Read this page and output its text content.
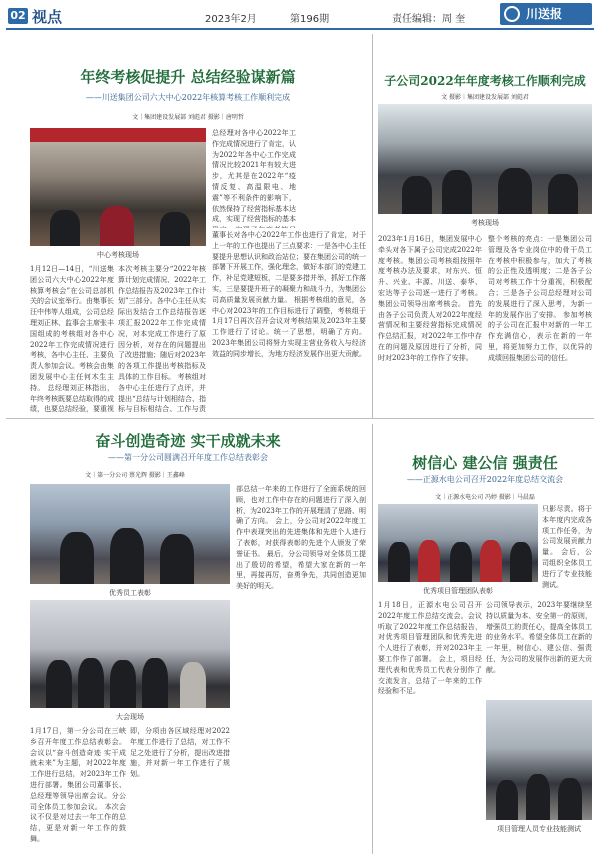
02 视点	2023年2月	第196期	责任编辑：周 奎	川送报
年终考核促提升 总结经验谋新篇
——川送集团公司六大中心2022年核算考核工作顺利完成
文｜集团建设发展部 刘彪君 摄影｜唐明哲
中心考核现场
1月12日—14日，“川送集团公司六大中心2022年度核算考核会”在公司总部机关的会议室举行。由集事长汪中伟等人组成，公司总经理刘正林、监事会主席张丰国组成的考核组对各中心2022年工作完成情况进行考核，各中心主任、主要负责人参加会议。考核会由集团发展中心主任何木生主持。 总经理刘正林指出，年终考核既要总结取得的成绩，也要总结经验，要重视
本次考核主要分“2022年核算计划完成情况、2022年工作总结报告及2023年工作计划”三部分。各中心主任从实际出发结合工作总结报告逐项汇报2022年工作完成情况，对本完成工作进行了原因分析，对存在的问题提出了改进措施；随后对2023年的各项工作提出考核指标及具体的工作目标。 考核组对各中心主任进行了点评，并提出“总结与计划相结合、指标与目标相结合、工作与责
总经理对各中心2022年工作完成情况进行了肯定，认为2022年各中心工作完成情况比较2021年有较大进步，尤其是在2022年“疫情反复、高温限电、地震”等不利条件的影响下，依然保持了经营指标基本达成，实现了经营指标的基本
董事长对各中心2022年工作也进行了肯定，对于上一年的工作也提出了三点要求：一是各中心主任要提升思想认识和政治站位；要在集团公司的统一部署下开展工作，强化理念，做好本部门的党建工作，补足党建短板，二是要多措并举，抓好工作落实，三是要提升班子的凝聚力和战斗力，为集团公司高质量发展贡献力量。 根据考核组的意见，各中心对2023年的工作目标进行了调整，考核组于1月17日再次召开会议对考核结果及2023年主要工作进行了讨论。统一了思想，明确了方向。2023年集团公司将努力实现主营业务收入与经济效益的同步增长，为地方经济发展作出更大贡献。
子公司2022年年度考核工作顺利完成
文 摄影｜集团建设发展部 刘彪君
考核现场
2023年1月16日，集团发展中心牵头对各下属子公司完成2022年度考核。集团公司考核组按照年度考核办法及要求，对东兴、恒升、兴业、丰源、川送、泰华、宏达等子公司逐一进行了考核。集团公司领导出席考核会。 首先由各子公司负责人对2022年度经营情况和主要经营指标完成情况作总结汇报，对2022年工作中存在的问题及原因进行了分析，同时对2023年的工作作了安排。
整个考核的亮点：一是集团公司管理及各专业岗位中的骨干员工在考核中积极参与，加大了考核的公正性及透明度；二是各子公司对考核工作十分重视，积极配合；三是各子公司总经理对公司的发展进行了深入思考，为新一年的发展作出了安排。 参加考核的子公司在汇报中对新的一年工作充满信心，表示在新的一年里，将更加努力工作，以优异的成绩回报集团公司的信任。
奋斗创造奇迹 实干成就未来
——第一分公司圆满召开年度工作总结表彰会
文｜第一分公司 蔡光辉 摄影｜王鑫峰
优秀员工表彰
大会现场
1月17日，第一分公司在三峡乡召开年度工作总结表彰会。会议以“奋斗创造奇迹 实干成就未来”为主题，对2022年度工作进行总结，对2023年工作进行部署。集团公司董事长、总经理等领导出席会议。分公司全体员工参加会议。 本次会议不仅是对过去一年工作的总结，更是对新一年工作的鼓舞。
即，分项由各区域经理对2022年度工作进行了总结，对工作不足之处进行了分析，提出改进措施，并对新一年工作进行了规划。
部总结一年来的工作进行了全面系统的回顾，也对工作中存在的问题进行了深入剖析，为2023年工作的开展理清了思路、明确了方向。 会上，分公司对2022年度工作中表现突出的先进集体和先进个人进行了表彰，对获得表彰的先进个人颁发了荣誉证书。 最后，分公司领导对全体员工提出了殷切的希望，希望大家在新的一年里，再接再厉，奋勇争先，共同创造更加美好的明天。
树信心 建公信 强责任
——正源水电公司召开2022年度总结交流会
文｜正源水电公司 冯婷 摄影｜马晨磊
优秀项目管理团队表彰
只影尽责。将于本年度内完成各项工作任务，为公司发展贡献力量。 会后，公司组织全体员工进行了专业技能测试。
1月18日，正源水电公司召开2022年度工作总结交流会。会议听取了2022年度工作总结报告，对优秀项目管理团队和优秀先进个人进行了表彰，并对2023年主要工作作了部署。 会上，项目经理代表和优秀员工代表分别作了交流发言，总结了一年来的工作经验和不足。
公司领导表示，2023年要继续坚持以质量为本、安全第一的原则，增强员工的责任心，提高全体员工的业务水平。希望全体员工在新的一年里，树信心、建公信、强责任，为公司的发展作出新的更大贡献。
项目管理人员专业技能测试
